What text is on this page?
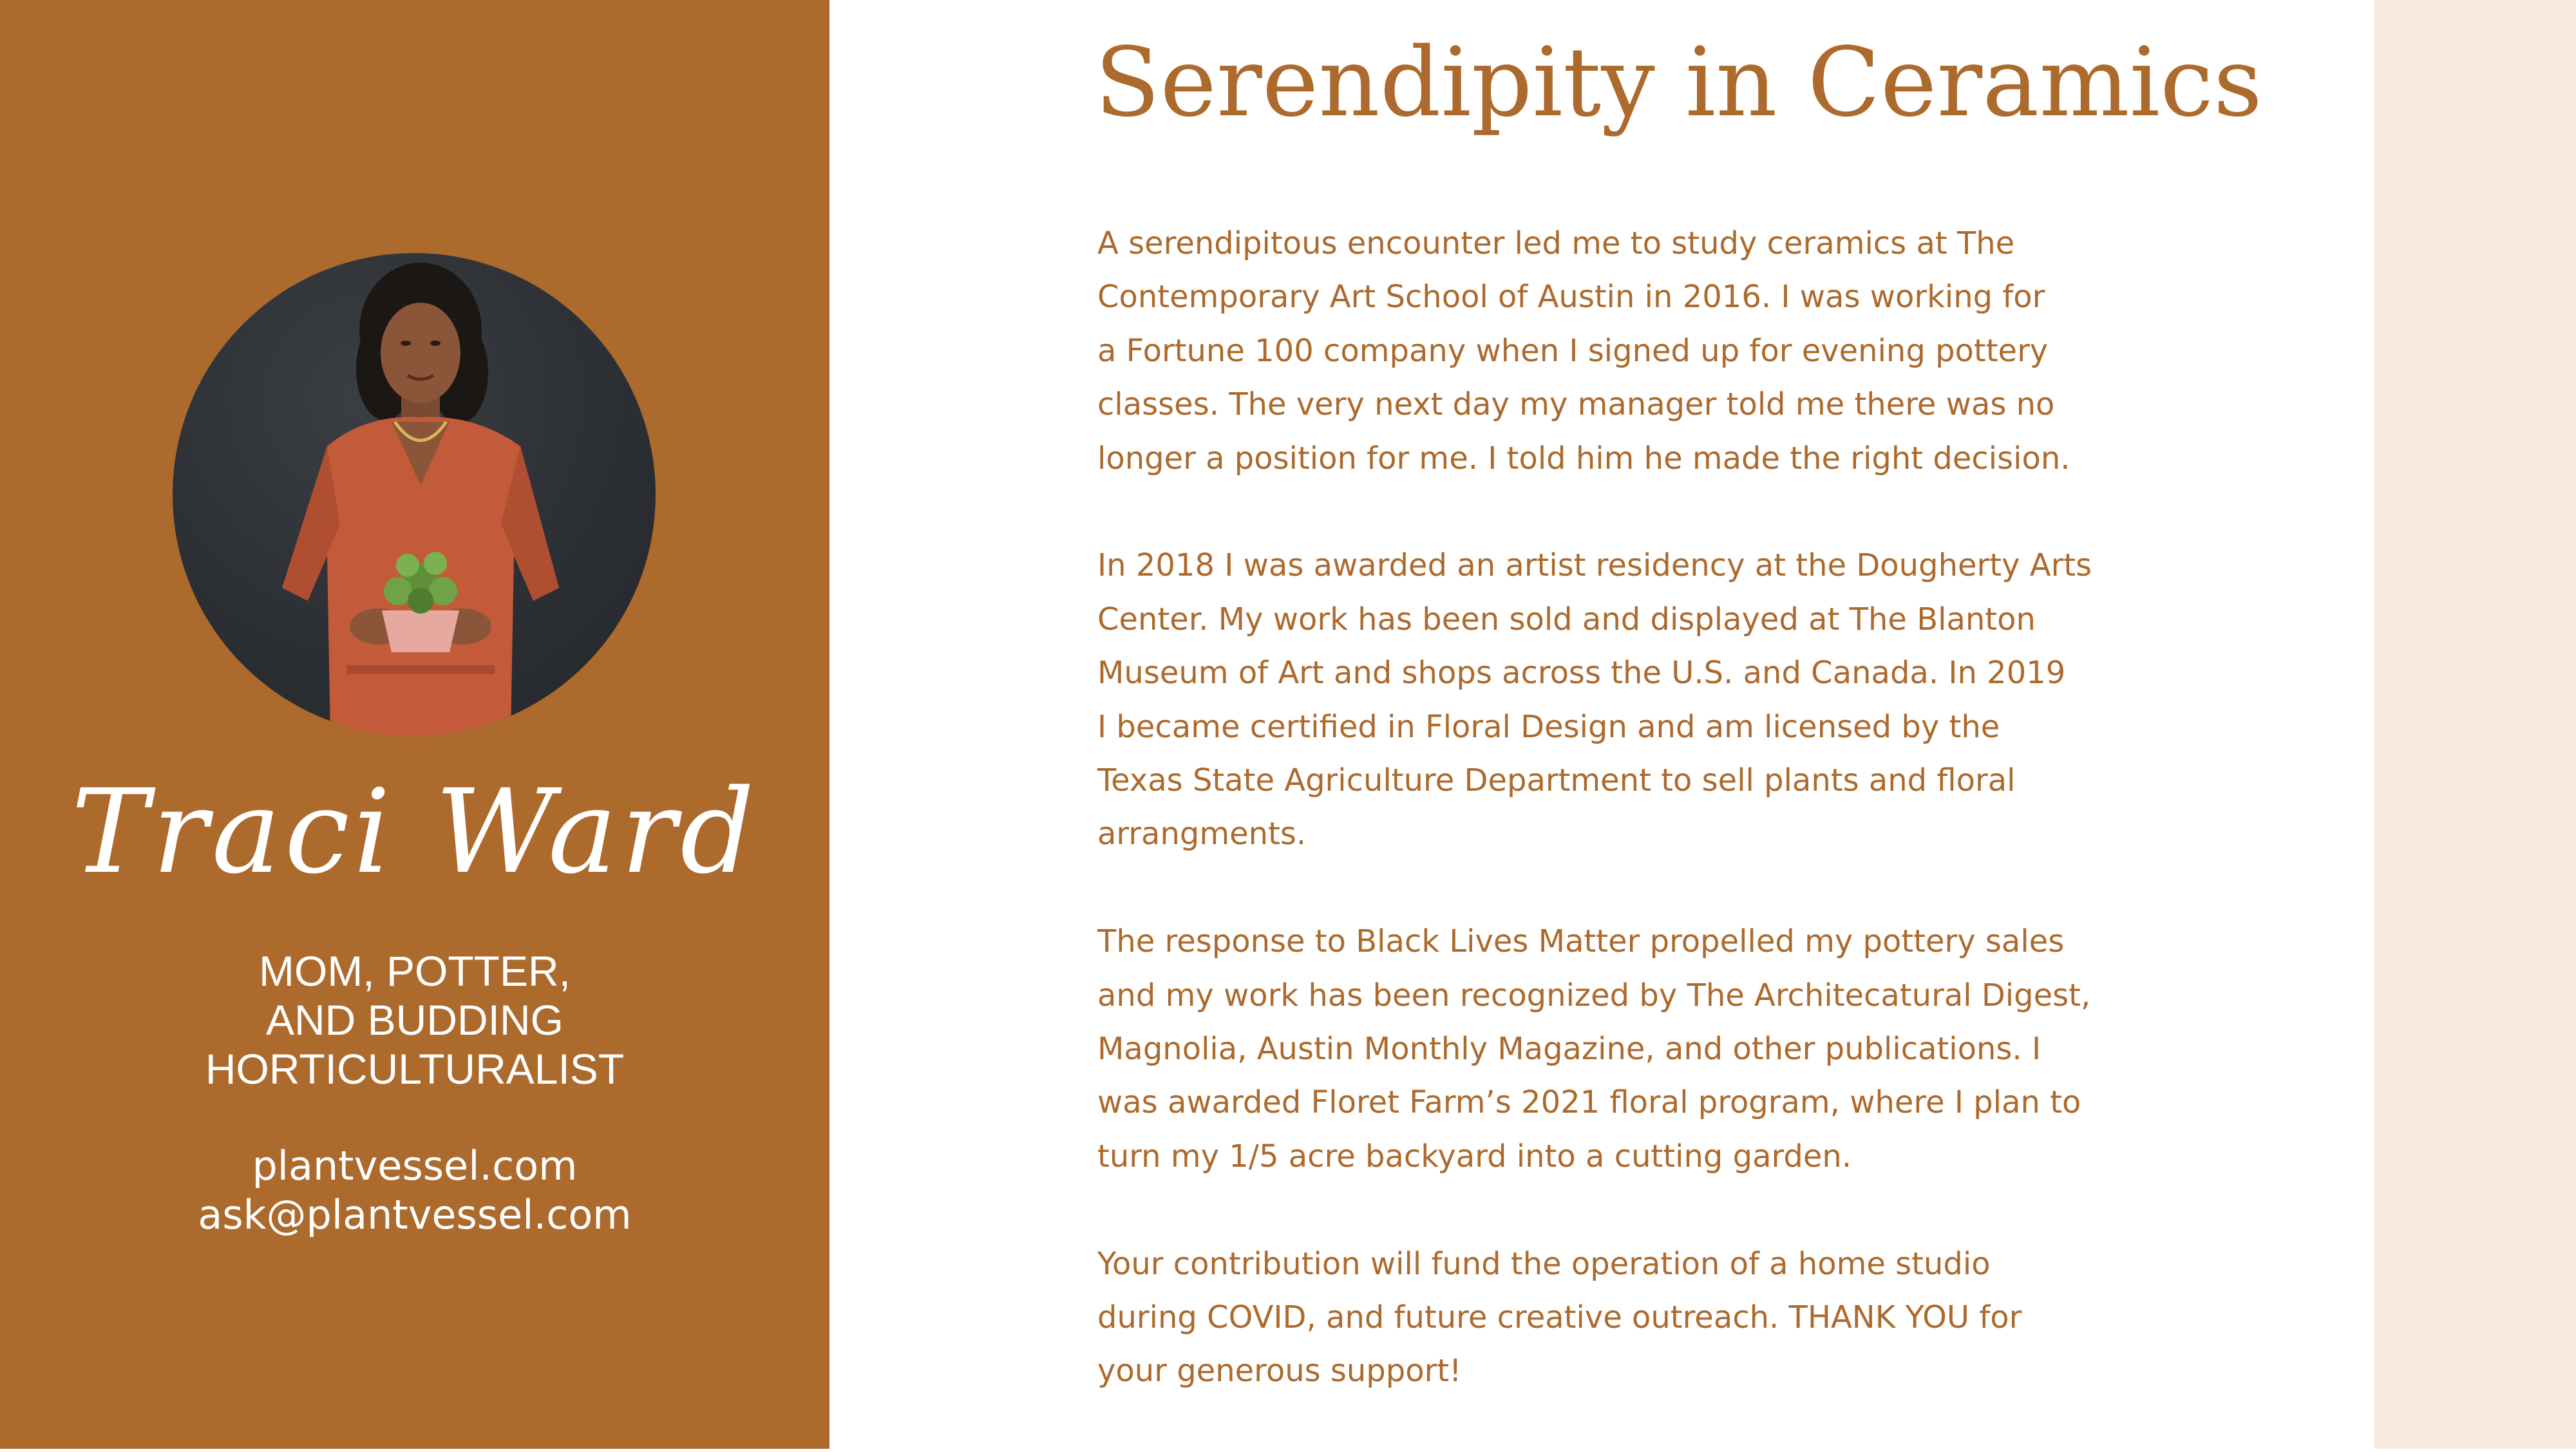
Traci Ward
MOM, POTTER,
AND BUDDING
HORTICULTURALIST
plantvessel.com
ask@plantvessel.com
Serendipity in Ceramics

A serendipitous encounter led me to study ceramics at The
Contemporary Art School of Austin in 2016. I was working for
a Fortune 100 company when I signed up for evening pottery
classes. The very next day my manager told me there was no
longer a position for me. I told him he made the right decision.

In 2018 I was awarded an artist residency at the Dougherty Arts
Center. My work has been sold and displayed at The Blanton
Museum of Art and shops across the U.S. and Canada. In 2019
I became certified in Floral Design and am licensed by the
Texas State Agriculture Department to sell plants and floral
arrangments.

The response to Black Lives Matter propelled my pottery sales
and my work has been recognized by The Architecatural Digest,
Magnolia, Austin Monthly Magazine, and other publications. I
was awarded Floret Farm’s 2021 floral program, where I plan to
turn my 1/5 acre backyard into a cutting garden.

Your contribution will fund the operation of a home studio
during COVID, and future creative outreach. THANK YOU for
your generous support!
